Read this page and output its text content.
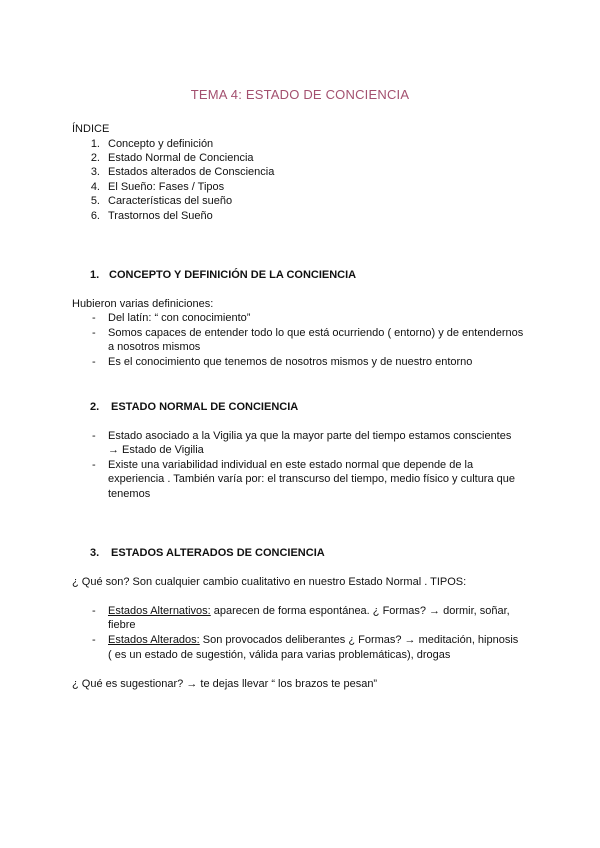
TEMA 4: ESTADO DE CONCIENCIA
ÍNDICE
1. Concepto y definición
2. Estado Normal de Conciencia
3. Estados alterados de Consciencia
4. El Sueño: Fases / Tipos
5. Características del sueño
6. Trastornos del Sueño
1. CONCEPTO Y DEFINICIÓN DE LA CONCIENCIA
Hubieron varias definiciones:
- Del latín: “ con conocimiento”
- Somos capaces de entender todo lo que está ocurriendo ( entorno) y de entendernos
a nosotros mismos
- Es el conocimiento que tenemos de nosotros mismos y de nuestro entorno
2. ESTADO NORMAL DE CONCIENCIA
- Estado asociado a la Vigilia ya que la mayor parte del tiempo estamos conscientes
→ Estado de Vigilia
- Existe una variabilidad individual en este estado normal que depende de la
experiencia . También varía por: el transcurso del tiempo, medio físico y cultura que
tenemos
3. ESTADOS ALTERADOS DE CONCIENCIA
¿ Qué son? Son cualquier cambio cualitativo en nuestro Estado Normal . TIPOS:
- Estados Alternativos: aparecen de forma espontánea. ¿ Formas? → dormir, soñar,
fiebre
- Estados Alterados: Son provocados deliberantes ¿ Formas? → meditación, hipnosis
( es un estado de sugestión, válida para varias problemáticas), drogas
¿ Qué es sugestionar? → te dejas llevar “ los brazos te pesan”
